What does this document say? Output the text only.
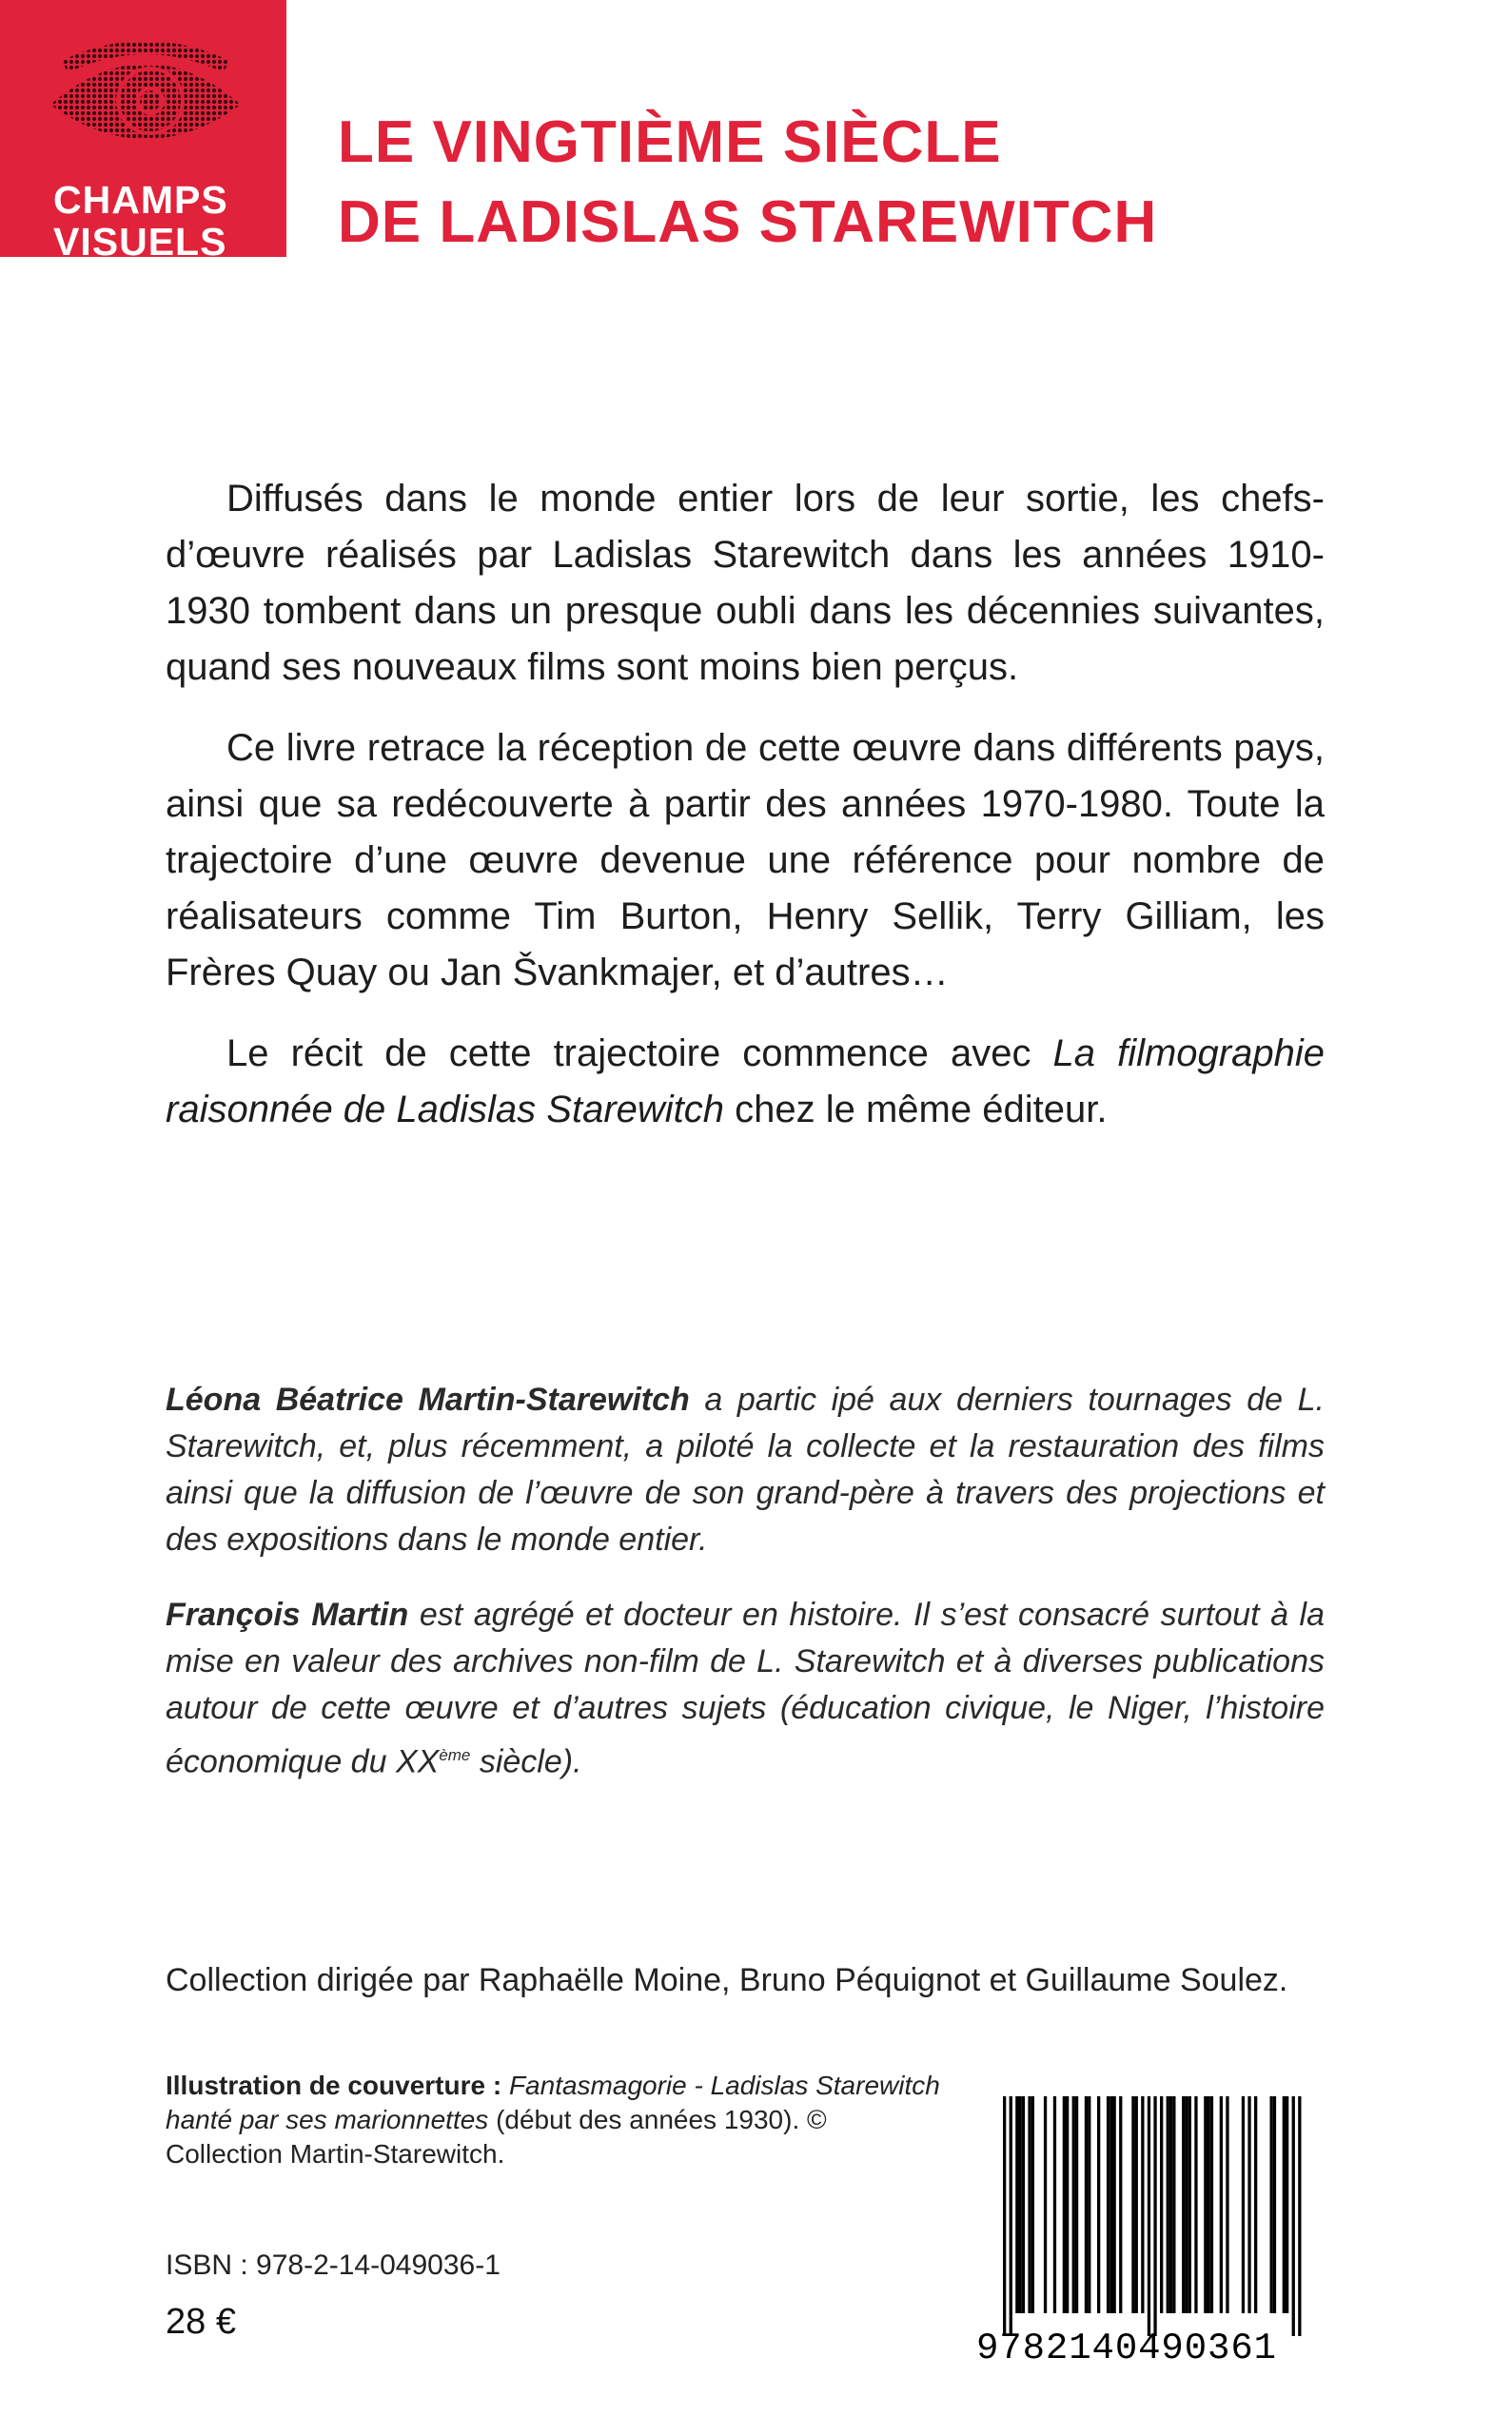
CHAMPS
VISUELS
LE VINGTIÈME SIÈCLE
DE LADISLAS STAREWITCH

Diffusés dans le monde entier lors de leur sortie, les chefs-d’œuvre réalisés par Ladislas Starewitch dans les années 1910-1930 tombent dans un presque oubli dans les décennies suivantes, quand ses nouveaux films sont moins bien perçus.

Ce livre retrace la réception de cette œuvre dans différents pays, ainsi que sa redécouverte à partir des années 1970-1980. Toute la trajectoire d’une œuvre devenue une référence pour nombre de réalisateurs comme Tim Burton, Henry Sellik, Terry Gilliam, les Frères Quay ou Jan Švankmajer, et d’autres…

Le récit de cette trajectoire commence avec La filmographie raisonnée de Ladislas Starewitch chez le même éditeur.

Léona Béatrice Martin-Starewitch a partic ipé aux derniers tournages de L. Starewitch, et, plus récemment, a piloté la collecte et la restauration des films ainsi que la diffusion de l’œuvre de son grand-père à travers des projections et des expositions dans le monde entier.

François Martin est agrégé et docteur en histoire. Il s’est consacré surtout à la mise en valeur des archives non-film de L. Starewitch et à diverses publications autour de cette œuvre et d’autres sujets (éducation civique, le Niger, l’histoire économique du XXème siècle).

Collection dirigée par Raphaëlle Moine, Bruno Péquignot et Guillaume Soulez.
Illustration de couverture : Fantasmagorie - Ladislas Starewitch hanté par ses marionnettes (début des années 1930). © Collection Martin-Starewitch.
ISBN : 978-2-14-049036-1
28 €
9782140490361
